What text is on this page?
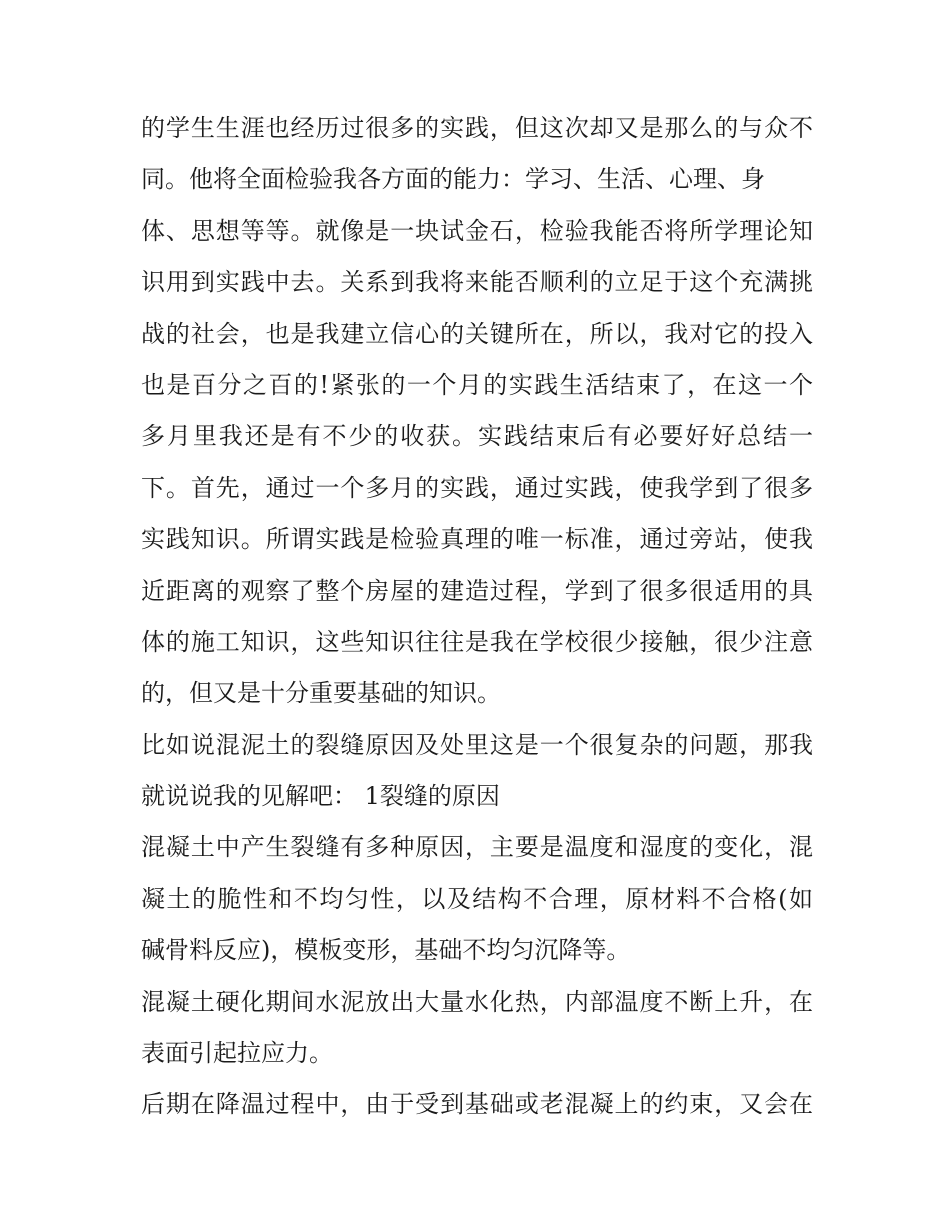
的学生生涯也经历过很多的实践，但这次却又是那么的与众不
同。他将全面检验我各方面的能力：学习、生活、心理、身
体、思想等等。就像是一块试金石，检验我能否将所学理论知
识用到实践中去。关系到我将来能否顺利的立足于这个充满挑
战的社会，也是我建立信心的关键所在，所以，我对它的投入
也是百分之百的!紧张的一个月的实践生活结束了，在这一个
多月里我还是有不少的收获。实践结束后有必要好好总结一
下。首先，通过一个多月的实践，通过实践，使我学到了很多
实践知识。所谓实践是检验真理的唯一标准，通过旁站，使我
近距离的观察了整个房屋的建造过程，学到了很多很适用的具
体的施工知识，这些知识往往是我在学校很少接触，很少注意
的，但又是十分重要基础的知识。
比如说混泥土的裂缝原因及处里这是一个很复杂的问题，那我
就说说我的见解吧： 1裂缝的原因
混凝土中产生裂缝有多种原因，主要是温度和湿度的变化，混
凝土的脆性和不均匀性，以及结构不合理，原材料不合格(如
碱骨料反应)，模板变形，基础不均匀沉降等。
混凝土硬化期间水泥放出大量水化热，内部温度不断上升，在
表面引起拉应力。
后期在降温过程中，由于受到基础或老混凝上的约束，又会在
